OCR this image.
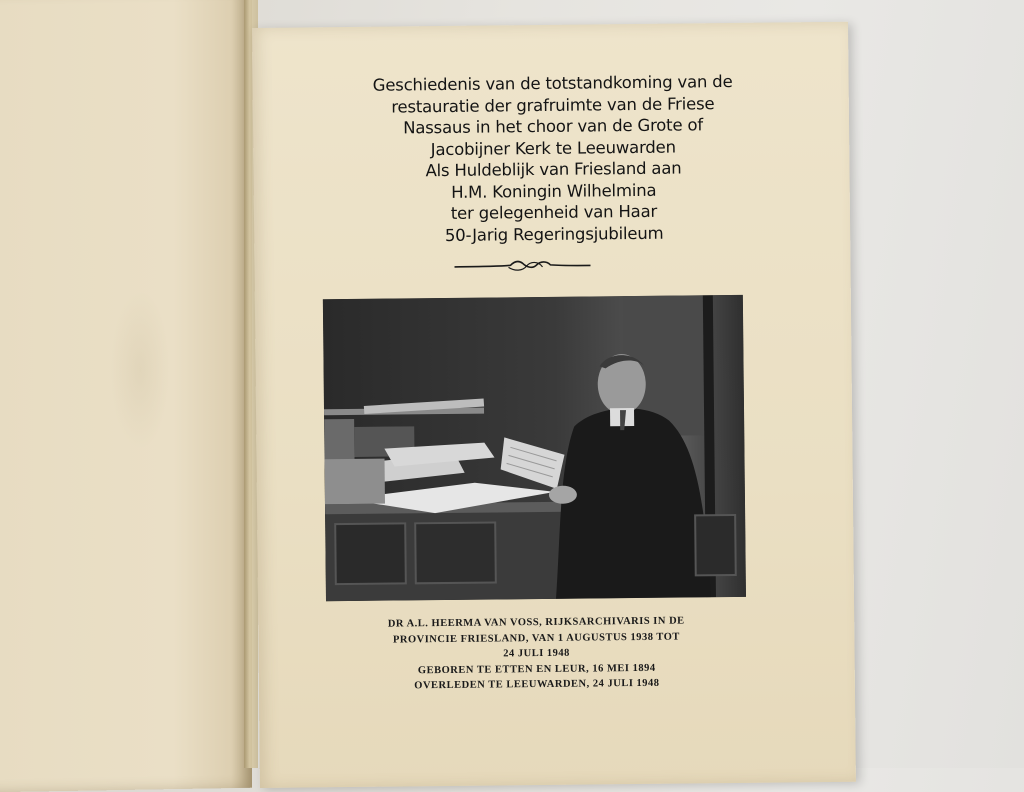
Geschiedenis van de totstandkoming van de
restauratie der grafruimte van de Friese
Nassaus in het choor van de Grote of
Jacobijner Kerk te Leeuwarden
Als Huldeblijk van Friesland aan
H.M. Koningin Wilhelmina
ter gelegenheid van Haar
50-Jarig Regeringsjubileum
DR A.L. HEERMA VAN VOSS, RIJKSARCHIVARIS IN DE
PROVINCIE FRIESLAND, VAN 1 AUGUSTUS 1938 TOT
24 JULI 1948
GEBOREN TE ETTEN EN LEUR, 16 MEI 1894
OVERLEDEN TE LEEUWARDEN, 24 JULI 1948
